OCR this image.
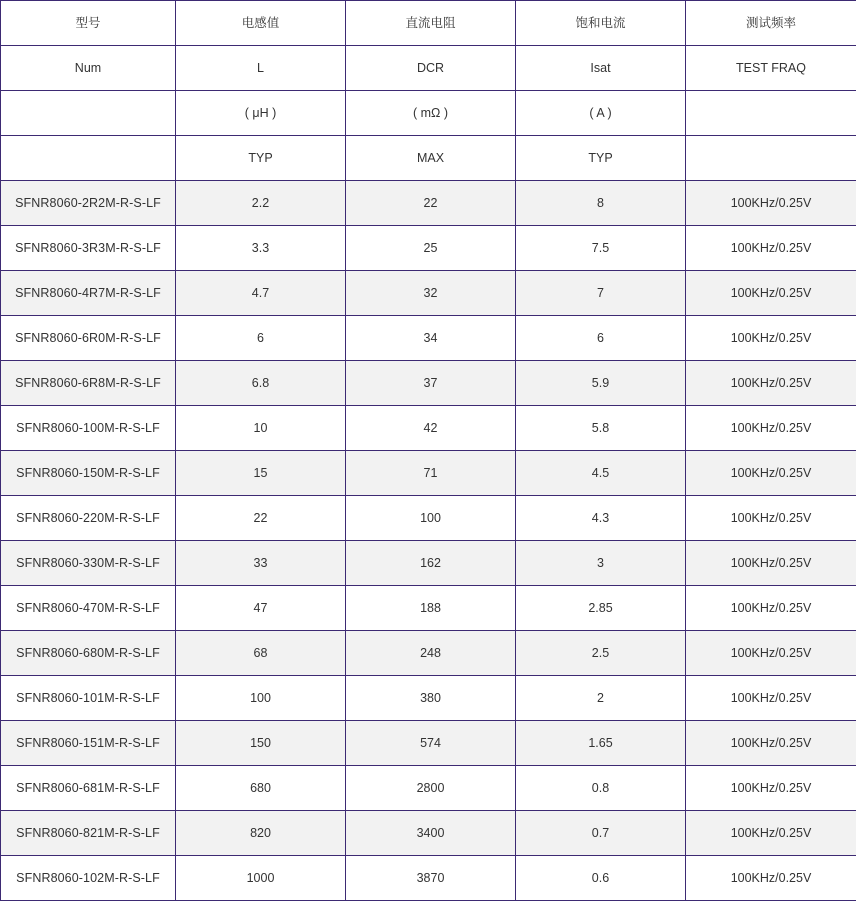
型号	电感值	直流电阻	饱和电流	测试频率
Num	L	DCR	Isat	TEST FRAQ
	( μH )	( mΩ )	( A )	
	TYP	MAX	TYP	
SFNR8060-2R2M-R-S-LF	2.2	22	8	100KHz/0.25V
SFNR8060-3R3M-R-S-LF	3.3	25	7.5	100KHz/0.25V
SFNR8060-4R7M-R-S-LF	4.7	32	7	100KHz/0.25V
SFNR8060-6R0M-R-S-LF	6	34	6	100KHz/0.25V
SFNR8060-6R8M-R-S-LF	6.8	37	5.9	100KHz/0.25V
SFNR8060-100M-R-S-LF	10	42	5.8	100KHz/0.25V
SFNR8060-150M-R-S-LF	15	71	4.5	100KHz/0.25V
SFNR8060-220M-R-S-LF	22	100	4.3	100KHz/0.25V
SFNR8060-330M-R-S-LF	33	162	3	100KHz/0.25V
SFNR8060-470M-R-S-LF	47	188	2.85	100KHz/0.25V
SFNR8060-680M-R-S-LF	68	248	2.5	100KHz/0.25V
SFNR8060-101M-R-S-LF	100	380	2	100KHz/0.25V
SFNR8060-151M-R-S-LF	150	574	1.65	100KHz/0.25V
SFNR8060-681M-R-S-LF	680	2800	0.8	100KHz/0.25V
SFNR8060-821M-R-S-LF	820	3400	0.7	100KHz/0.25V
SFNR8060-102M-R-S-LF	1000	3870	0.6	100KHz/0.25V
